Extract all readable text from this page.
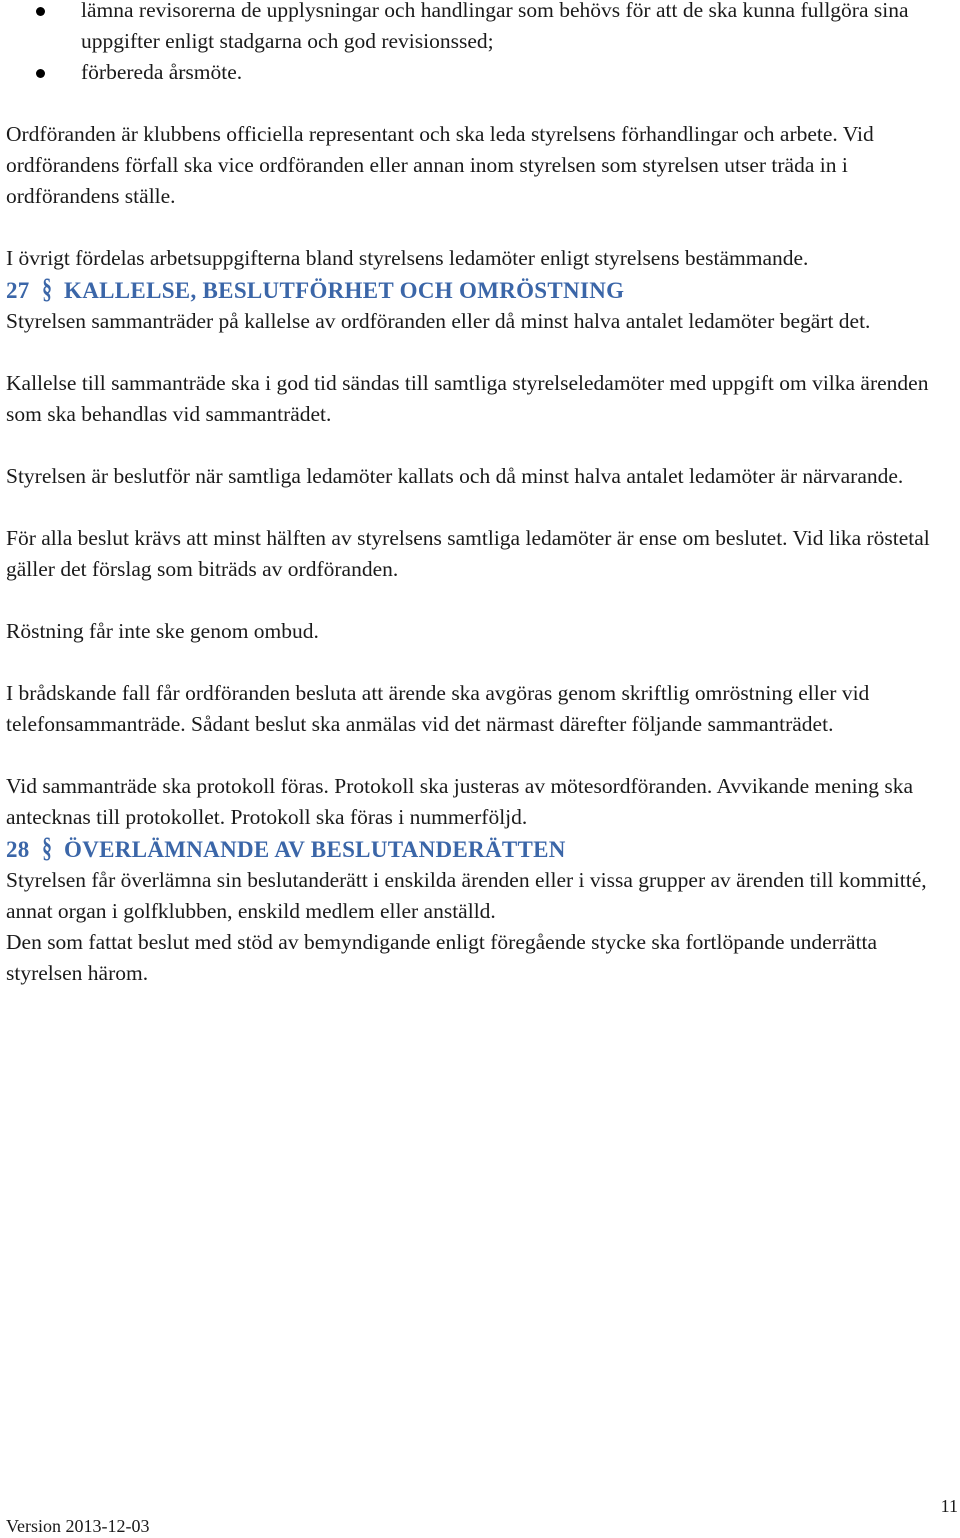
lämna revisorerna de upplysningar och handlingar som behövs för att de ska kunna fullgöra sina uppgifter enligt stadgarna och god revisionssed;
förbereda årsmöte.

Ordföranden är klubbens officiella representant och ska leda styrelsens förhandlingar och arbete. Vid ordförandens förfall ska vice ordföranden eller annan inom styrelsen som styrelsen utser träda in i ordförandens ställe.

I övrigt fördelas arbetsuppgifterna bland styrelsens ledamöter enligt styrelsens bestämmande.

27 § KALLELSE, BESLUTFÖRHET OCH OMRÖSTNING

Styrelsen sammanträder på kallelse av ordföranden eller då minst halva antalet ledamöter begärt det.

Kallelse till sammanträde ska i god tid sändas till samtliga styrelseledamöter med uppgift om vilka ärenden som ska behandlas vid sammanträdet.

Styrelsen är beslutför när samtliga ledamöter kallats och då minst halva antalet ledamöter är närvarande.

För alla beslut krävs att minst hälften av styrelsens samtliga ledamöter är ense om beslutet. Vid lika röstetal gäller det förslag som biträds av ordföranden.

Röstning får inte ske genom ombud.

I brådskande fall får ordföranden besluta att ärende ska avgöras genom skriftlig omröstning eller vid telefonsammanträde. Sådant beslut ska anmälas vid det närmast därefter följande sammanträdet.

Vid sammanträde ska protokoll föras. Protokoll ska justeras av mötesordföranden. Avvikande mening ska antecknas till protokollet. Protokoll ska föras i nummerföljd.

28 § ÖVERLÄMNANDE AV BESLUTANDERÄTTEN

Styrelsen får överlämna sin beslutanderätt i enskilda ärenden eller i vissa grupper av ärenden till kommitté, annat organ i golfklubben, enskild medlem eller anställd.

Den som fattat beslut med stöd av bemyndigande enligt föregående stycke ska fortlöpande underrätta styrelsen härom.

11
Version 2013-12-03
